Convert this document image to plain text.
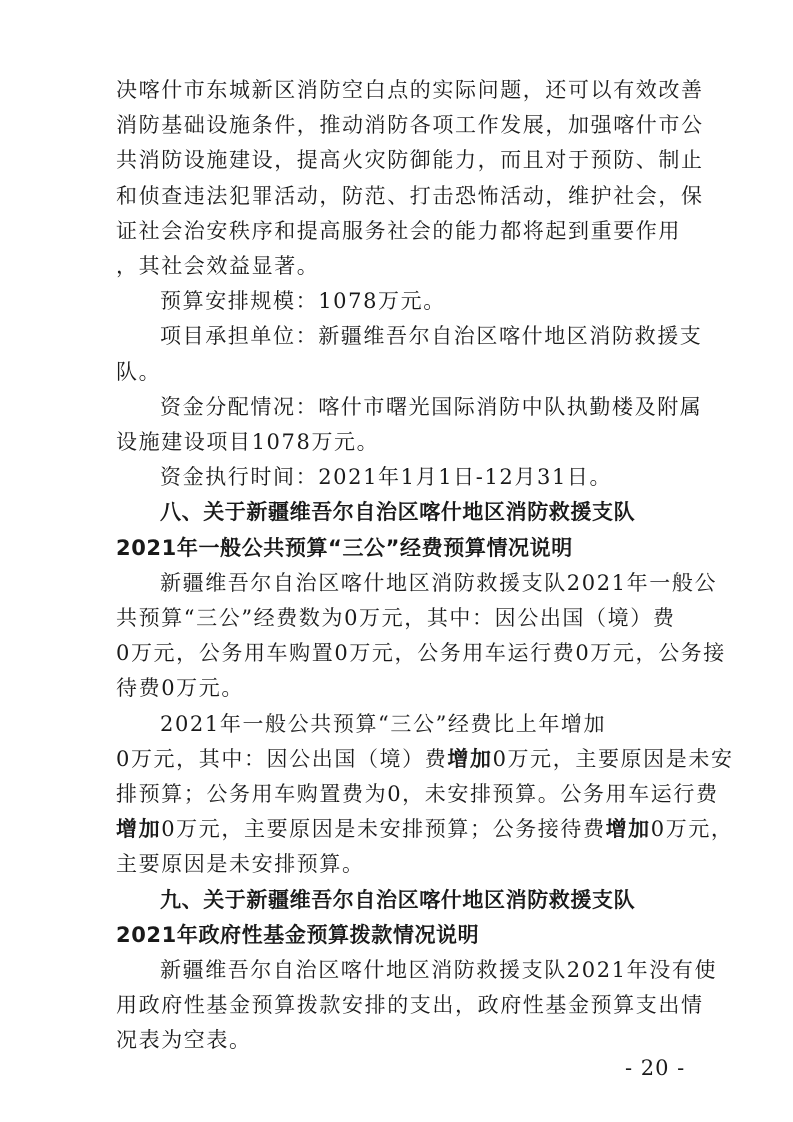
决喀什市东城新区消防空白点的实际问题，还可以有效改善
消防基础设施条件，推动消防各项工作发展，加强喀什市公
共消防设施建设，提高火灾防御能力，而且对于预防、制止
和侦查违法犯罪活动，防范、打击恐怖活动，维护社会，保
证社会治安秩序和提高服务社会的能力都将起到重要作用
，其社会效益显著。
预算安排规模：1078万元。
项目承担单位：新疆维吾尔自治区喀什地区消防救援支
队。
资金分配情况：喀什市曙光国际消防中队执勤楼及附属
设施建设项目1078万元。
资金执行时间：2021年1月1日-12月31日。
八、关于新疆维吾尔自治区喀什地区消防救援支队
2021年一般公共预算“三公”经费预算情况说明
新疆维吾尔自治区喀什地区消防救援支队2021年一般公
共预算“三公”经费数为0万元，其中：因公出国（境）费
0万元，公务用车购置0万元，公务用车运行费0万元，公务接
待费0万元。
2021年一般公共预算“三公”经费比上年增加
0万元，其中：因公出国（境）费增加0万元，主要原因是未安
排预算；公务用车购置费为0，未安排预算。公务用车运行费
增加0万元，主要原因是未安排预算；公务接待费增加0万元，
主要原因是未安排预算。
九、关于新疆维吾尔自治区喀什地区消防救援支队
2021年政府性基金预算拨款情况说明
新疆维吾尔自治区喀什地区消防救援支队2021年没有使
用政府性基金预算拨款安排的支出，政府性基金预算支出情
况表为空表。
- 20 -
